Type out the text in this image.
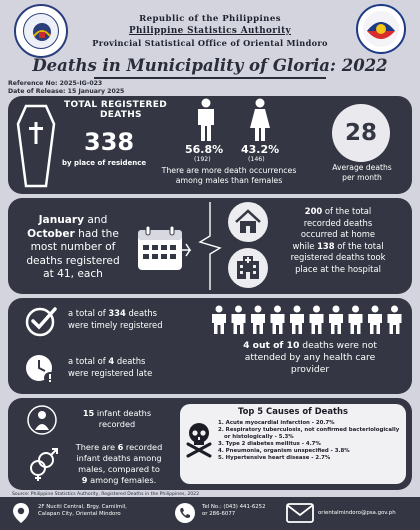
Republic of the Philippines
Philippine Statistics Authority
Provincial Statistical Office of Oriental Mindoro
Deaths in Municipality of Gloria: 2022
Reference No: 2025-IG-023
Date of Release: 15 January 2025
TOTAL REGISTERED
DEATHS
338
by place of residence
56.8%
(192)
43.2%
(146)
There are more death occurrences
among males than females
28
Average deaths
per month
January and
October had the
most number of
deaths registered
at 41, each
200 of the total
recorded deaths
occurred at home
while 138 of the total
registered deaths took
place at the hospital
a total of 334 deaths
were timely registered
a total of 4 deaths
were registered late
4 out of 10 deaths were not
attended by any health care
provider
15 infant deaths
recorded
There are 6 recorded
infant deaths among
males, compared to
9 among females.
Top 5 Causes of Deaths
1. Acute myocardial infarction - 20.7%
2. Respiratory tuberculosis, not confirmed bacteriologically
or histologically - 5.3%
3. Type 2 diabetes mellitus - 4.7%
4. Pneumonia, organism unspecified - 3.8%
5. Hypertensive heart disease - 2.7%
Source: Philippine Statistics Authority, Registered Deaths in the Philippines, 2022
2F Nuciti Central, Brgy. Camilmil,
Calapan City, Oriental Mindoro
Tel No.: (043) 441-6252
or 286-6077	orientalmindoro@psa.gov.ph
